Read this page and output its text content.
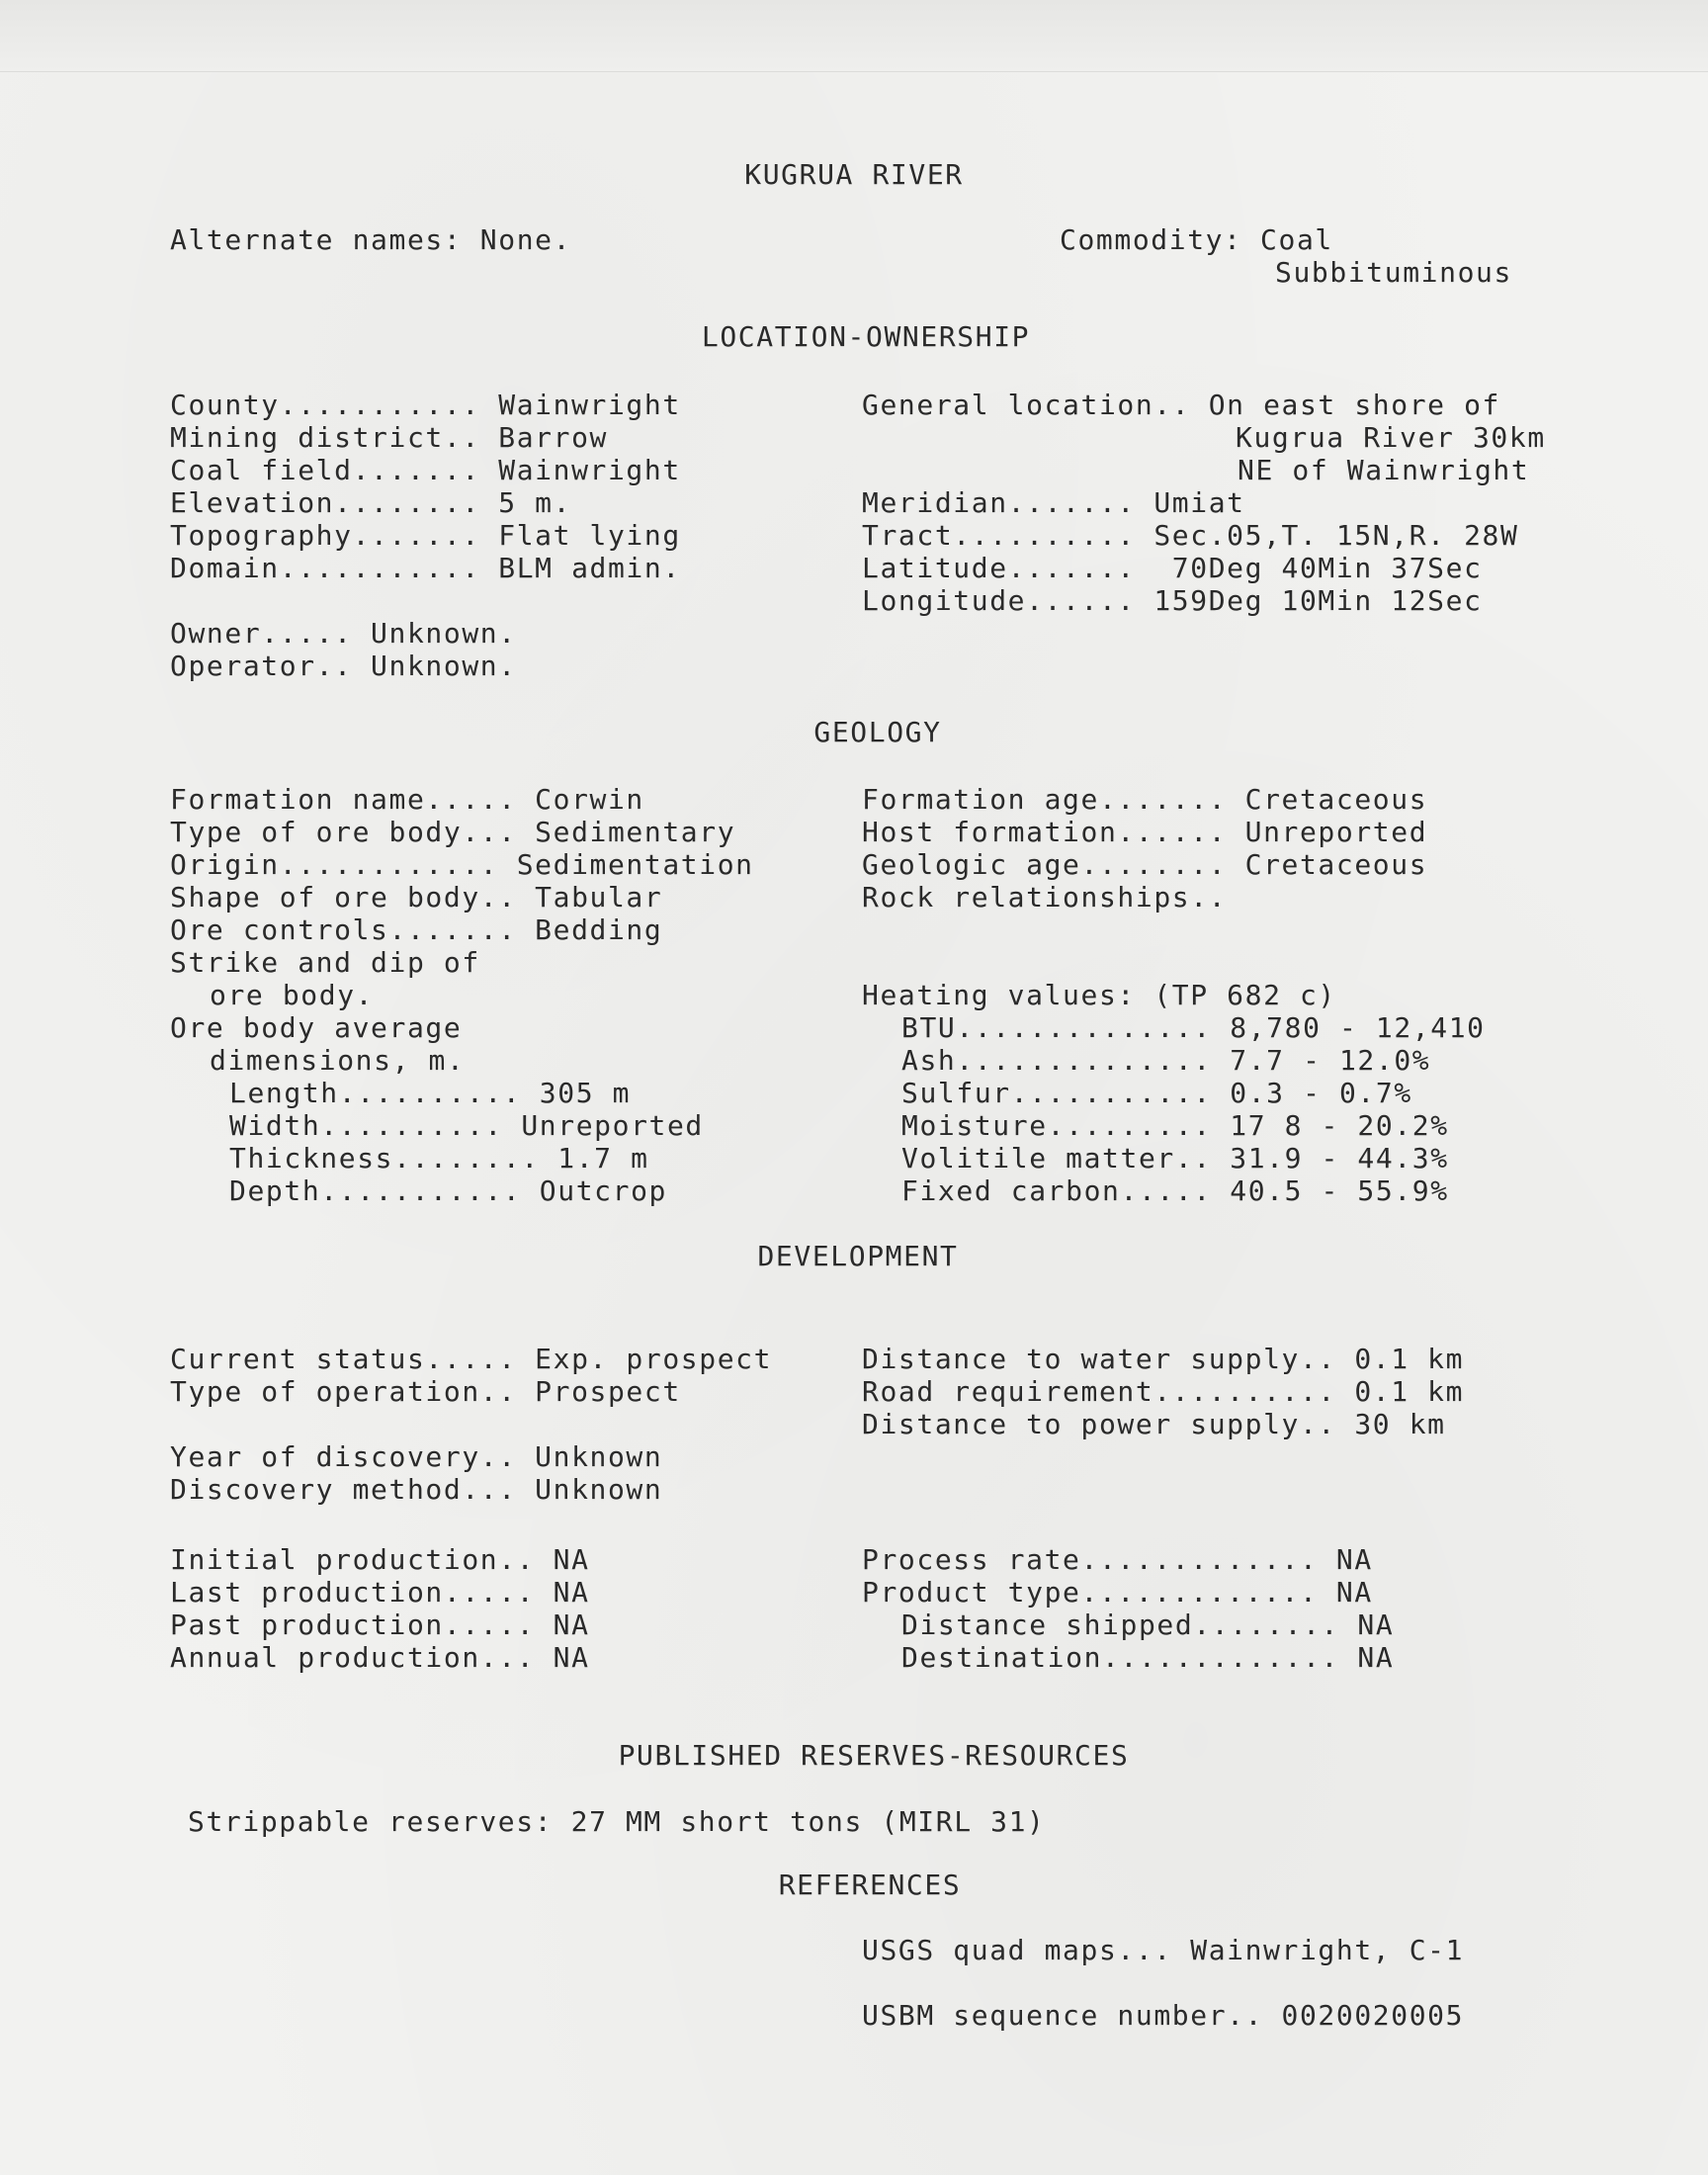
KUGRUA RIVER
Alternate names: None.	Commodity: Coal
Subbituminous
LOCATION-OWNERSHIP
County........... Wainwright
Mining district.. Barrow
Coal field....... Wainwright
Elevation........ 5 m.
Topography....... Flat lying
Domain........... BLM admin.
General location.. On east shore of
Kugrua River 30km
NE of Wainwright
Meridian....... Umiat
Tract.......... Sec.05,T. 15N,R. 28W
Latitude.......  70Deg 40Min 37Sec
Longitude...... 159Deg 10Min 12Sec
Owner..... Unknown.
Operator.. Unknown.
GEOLOGY
Formation name..... Corwin
Type of ore body... Sedimentary
Origin............ Sedimentation
Shape of ore body.. Tabular
Ore controls....... Bedding
Strike and dip of
ore body.
Ore body average
dimensions, m.
Length.......... 305 m
Width.......... Unreported
Thickness........ 1.7 m
Depth........... Outcrop
Formation age....... Cretaceous
Host formation...... Unreported
Geologic age........ Cretaceous
Rock relationships..
Heating values: (TP 682 c)
BTU.............. 8,780 - 12,410
Ash.............. 7.7 - 12.0%
Sulfur........... 0.3 - 0.7%
Moisture......... 17 8 - 20.2%
Volitile matter.. 31.9 - 44.3%
Fixed carbon..... 40.5 - 55.9%
DEVELOPMENT
Current status..... Exp. prospect
Type of operation.. Prospect
Year of discovery.. Unknown
Discovery method... Unknown
Distance to water supply.. 0.1 km
Road requirement.......... 0.1 km
Distance to power supply.. 30 km
Initial production.. NA
Last production..... NA
Past production..... NA
Annual production... NA
Process rate............. NA
Product type............. NA
Distance shipped........ NA
Destination............. NA
PUBLISHED RESERVES-RESOURCES
Strippable reserves: 27 MM short tons (MIRL 31)
REFERENCES
USGS quad maps... Wainwright, C-1
USBM sequence number.. 0020020005
